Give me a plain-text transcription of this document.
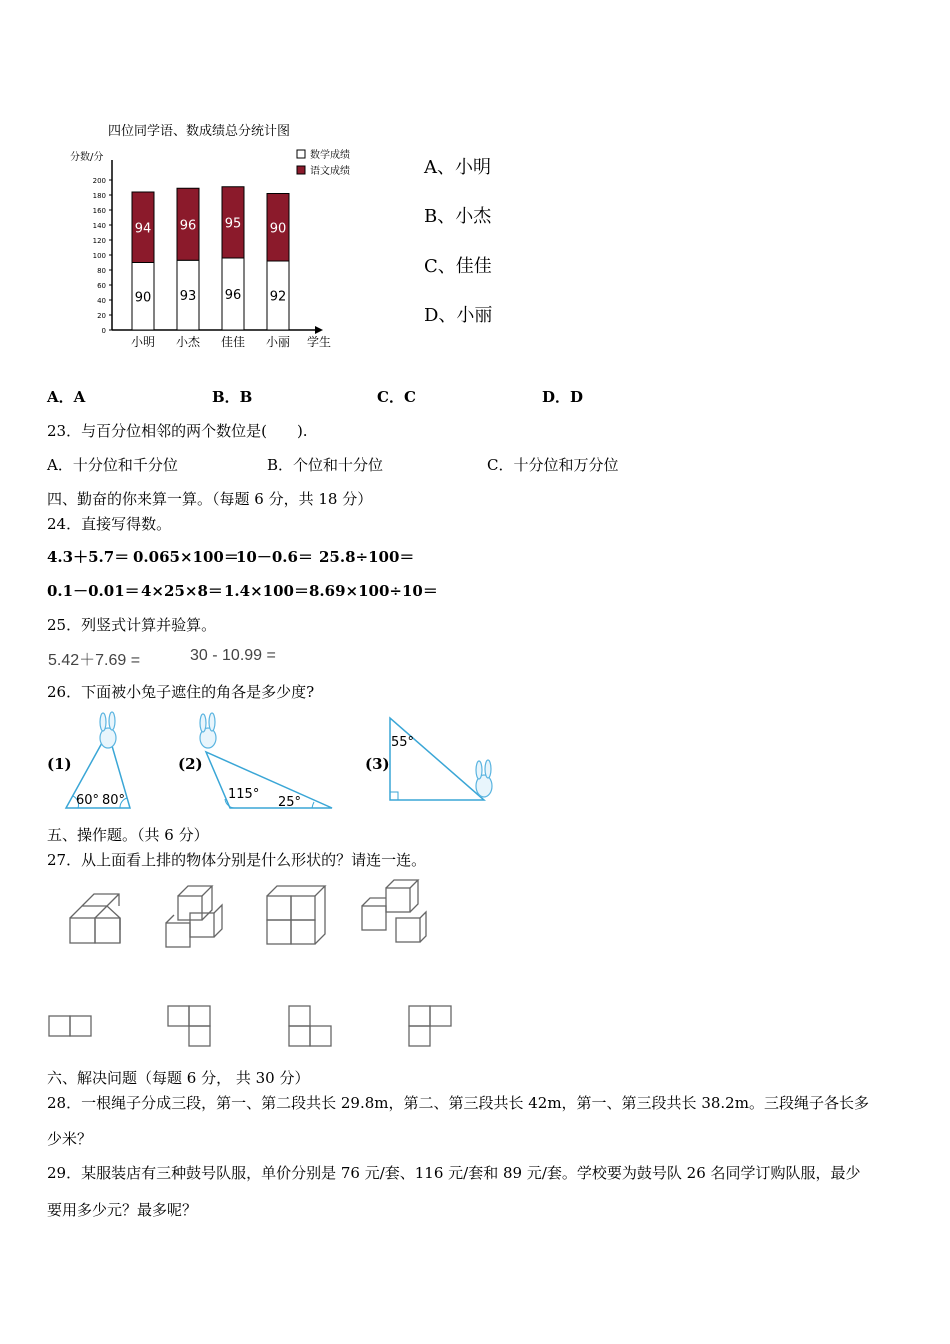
四位同学语、数成绩总分统计图
分数/分
0
20
40
60
80
100
120
140
160
180
200
90
94
小明
93
96
小杰
96
95
佳佳
92
90
小丽 学生
数学成绩
语文成绩	A、小明
B、小杰
C、佳佳
D、小丽
A．A	B．B	C．C	D．D
23．与百分位相邻的两个数位是(　　).
A．十分位和千分位	B．个位和十分位	C．十分位和万分位
四、勤奋的你来算一算。（每题 6 分，共 18 分）
24．直接写得数。
4.3＋5.7＝ 0.065×100＝
10－0.6＝ 25.8÷100＝
0.1－0.01＝ 4×25×8＝ 1.4×100＝ 8.69×100÷10＝
25．列竖式计算并验算。
5.42＋7.69 =	30 - 10.99 =
26．下面被小兔子遮住的角各是多少度?
(1)	(2)	(3)
60° 80°	115°
25°
55°
五、操作题。（共 6 分）
27．从上面看上排的物体分别是什么形状的？请连一连。
六、解决问题（每题 6 分， 共 30 分）
28．一根绳子分成三段，第一、第二段共长 29.8m，第二、第三段共长 42m，第一、第三段共长 38.2m。三段绳子各长多
少米？
29．某服装店有三种鼓号队服，单价分别是 76 元/套、116 元/套和 89 元/套。学校要为鼓号队 26 名同学订购队服，最少
要用多少元？最多呢？
